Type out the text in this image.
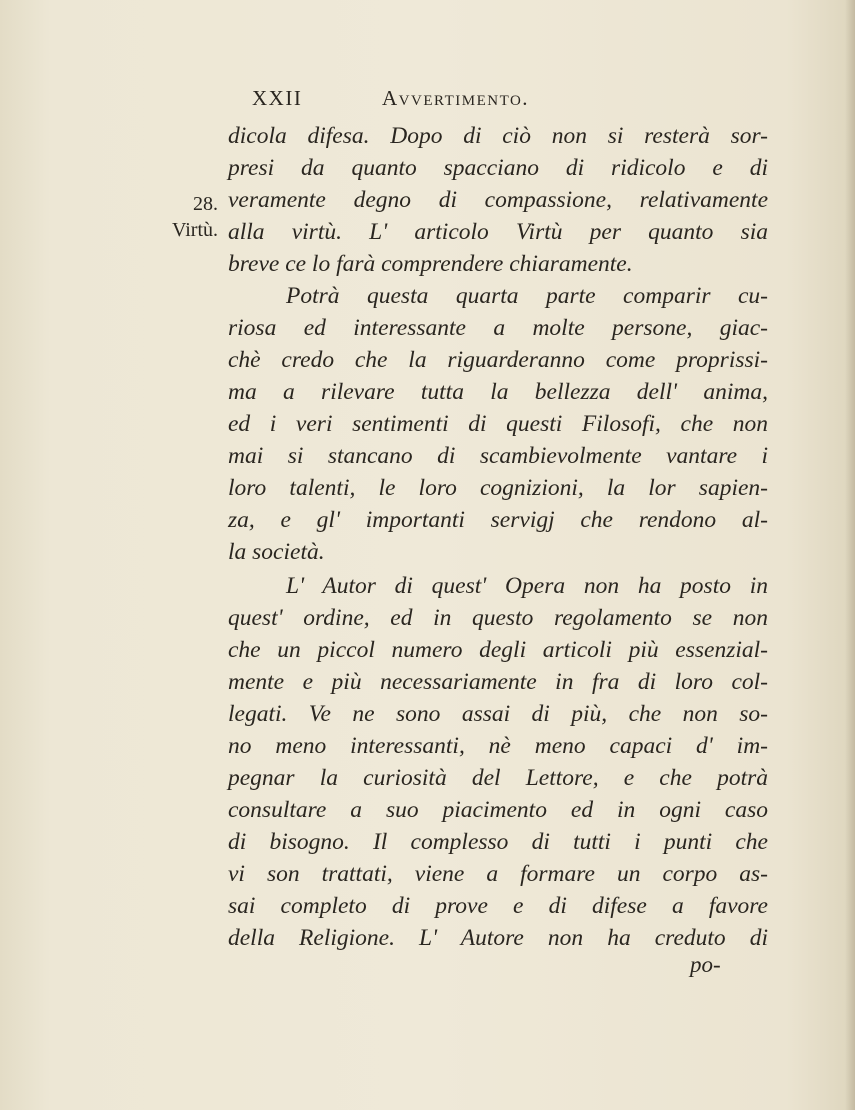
XXII	Avvertimento.
28.
Virtù.
dicola difesa. Dopo di ciò non si resterà sor-
presi da quanto spacciano di ridicolo e di
veramente degno di compassione, relativamente
alla virtù. L' articolo Virtù per quanto sia
breve ce lo farà comprendere chiaramente.
Potrà questa quarta parte comparir cu-
riosa ed interessante a molte persone, giac-
chè credo che la riguarderanno come proprissi-
ma a rilevare tutta la bellezza dell' anima,
ed i veri sentimenti di questi Filosofi, che non
mai si stancano di scambievolmente vantare i
loro talenti, le loro cognizioni, la lor sapien-
za, e gl' importanti servigj che rendono al-
la società.
L' Autor di quest' Opera non ha posto in
quest' ordine, ed in questo regolamento se non
che un piccol numero degli articoli più essenzial-
mente e più necessariamente in fra di loro col-
legati. Ve ne sono assai di più, che non so-
no meno interessanti, nè meno capaci d' im-
pegnar la curiosità del Lettore, e che potrà
consultare a suo piacimento ed in ogni caso
di bisogno. Il complesso di tutti i punti che
vi son trattati, viene a formare un corpo as-
sai completo di prove e di difese a favore
della Religione. L' Autore non ha creduto di
po-
